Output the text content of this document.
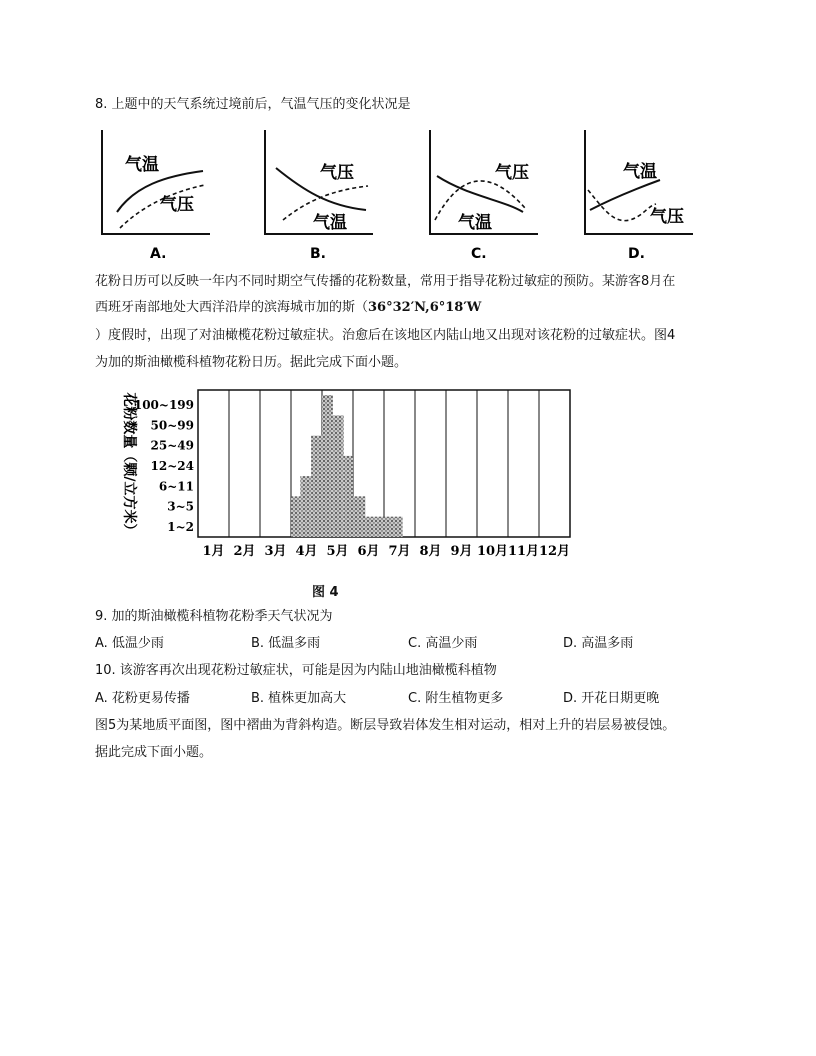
8. 上题中的天气系统过境前后，气温气压的变化状况是
气温
气压
A.
气温
气压
B.
气温
气压
C.
气温
气压
D.
花粉日历可以反映一年内不同时期空气传播的花粉数量，常用于指导花粉过敏症的预防。某游客8月在
西班牙南部地处大西洋沿岸的滨海城市加的斯（36°32′N,6°18′W
）度假时，出现了对油橄榄花粉过敏症状。治愈后在该地区内陆山地又出现对该花粉的过敏症状。图4
为加的斯油橄榄科植物花粉日历。据此完成下面小题。
1~2
3~5
6~11
12~24
25~49
50~99
100~199
1月 2月 3月 4月 5月 6月 7月 8月 9月 10月 11月 12月
花粉数量（颗/立方米）
图 4
9. 加的斯油橄榄科植物花粉季天气状况为
A. 低温少雨	B. 低温多雨	C. 高温少雨	D. 高温多雨
10. 该游客再次出现花粉过敏症状，可能是因为内陆山地油橄榄科植物
A. 花粉更易传播	B. 植株更加高大	C. 附生植物更多	D. 开花日期更晚
图5为某地质平面图，图中褶曲为背斜构造。断层导致岩体发生相对运动，相对上升的岩层易被侵蚀。
据此完成下面小题。
